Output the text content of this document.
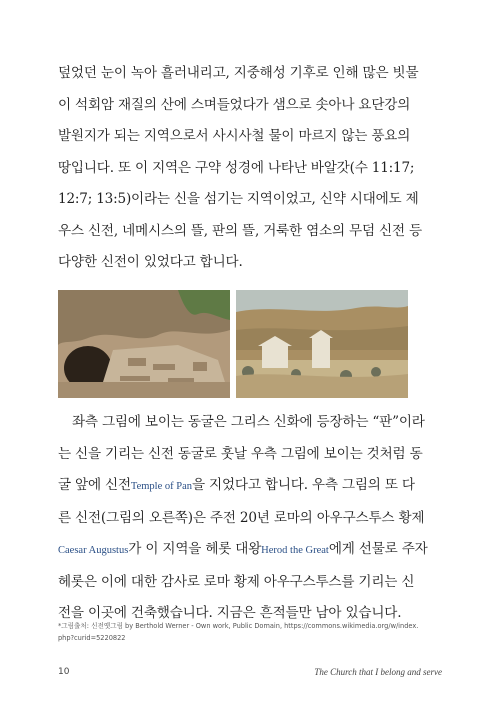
덮었던 눈이 녹아 흘러내리고, 지중해성 기후로 인해 많은 빗물
이 석회암 재질의 산에 스며들었다가 샘으로 솟아나 요단강의
발원지가 되는 지역으로서 사시사철 물이 마르지 않는 풍요의
땅입니다. 또 이 지역은 구약 성경에 나타난 바알갓(수 11:17;
12:7; 13:5)이라는 신을 섬기는 지역이었고, 신약 시대에도 제
우스 신전, 네메시스의 뜰, 판의 뜰, 거룩한 염소의 무덤 신전 등
다양한 신전이 있었다고 합니다.

좌측 그림에 보이는 동굴은 그리스 신화에 등장하는 “판”이라
는 신을 기리는 신전 동굴로 훗날 우측 그림에 보이는 것처럼 동
굴 앞에 신전Temple of Pan을 지었다고 합니다. 우측 그림의 또 다
른 신전(그림의 오른쪽)은 주전 20년 로마의 아우구스투스 황제
Caesar Augustus가 이 지역을 헤롯 대왕Herod the Great에게 선물로 주자
헤롯은 이에 대한 감사로 로마 황제 아우구스투스를 기리는 신
전을 이곳에 건축했습니다. 지금은 흔적들만 남아 있습니다.

*그림출처: 신전옛그림 by Berthold Werner - Own work, Public Domain, https://commons.wikimedia.org/w/index.
php?curid=5220822

10	The Church that I belong and serve
